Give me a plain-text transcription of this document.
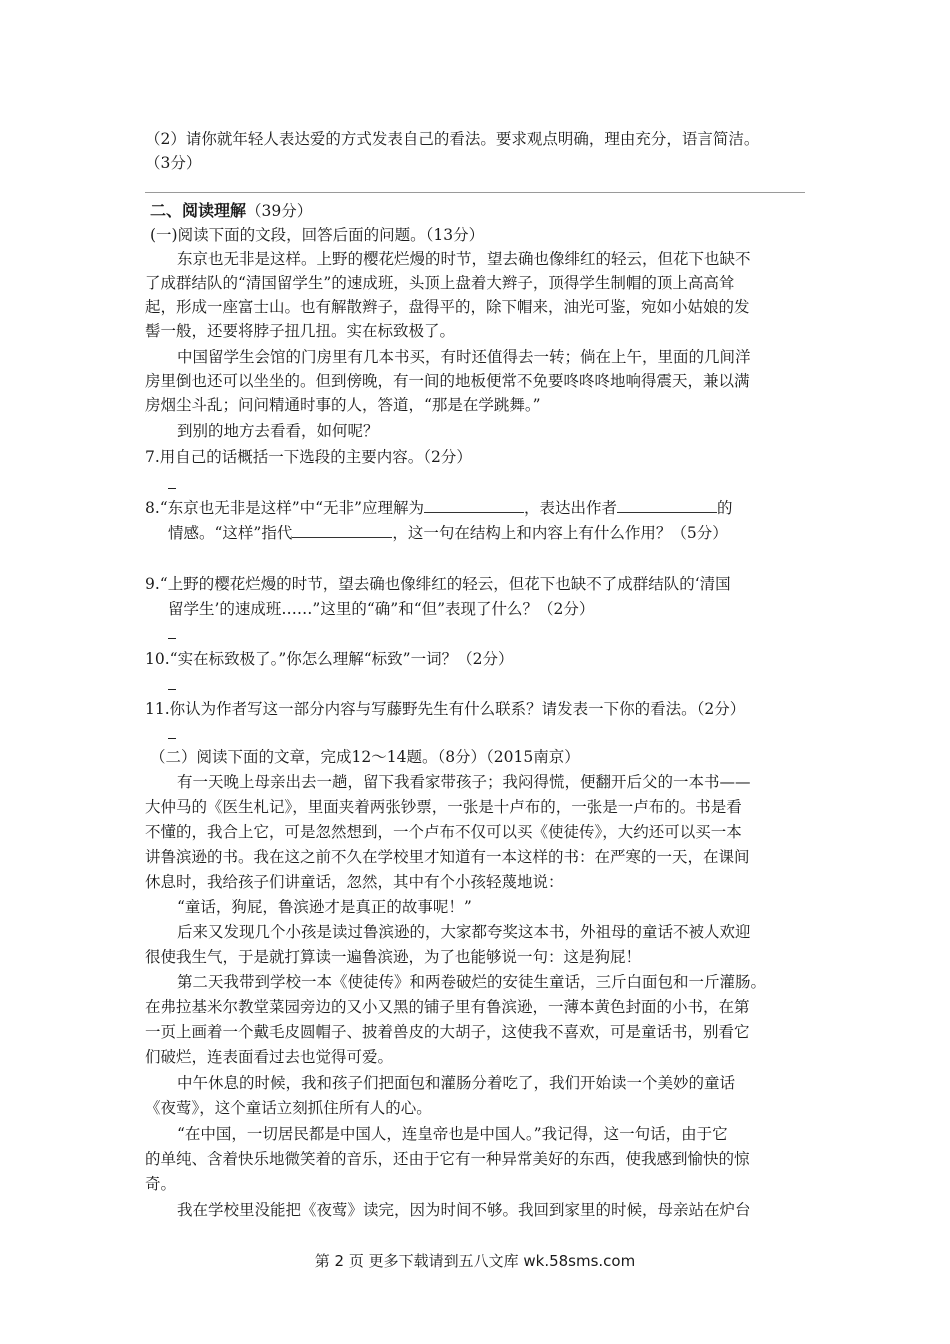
（2）请你就年轻人表达爱的方式发表自己的看法。要求观点明确，理由充分，语言简洁。
（3分）
二、阅读理解（39分）
(一)阅读下面的文段，回答后面的问题。（13分）
东京也无非是这样。上野的樱花烂熳的时节，望去确也像绯红的轻云，但花下也缺不
了成群结队的“清国留学生”的速成班，头顶上盘着大辫子，顶得学生制帽的顶上高高耸
起，形成一座富士山。也有解散辫子，盘得平的，除下帽来，油光可鉴，宛如小姑娘的发
髻一般，还要将脖子扭几扭。实在标致极了。
中国留学生会馆的门房里有几本书买，有时还值得去一转；倘在上午，里面的几间洋
房里倒也还可以坐坐的。但到傍晚，有一间的地板便常不免要咚咚咚地响得震天，兼以满
房烟尘斗乱；问问精通时事的人，答道，“那是在学跳舞。”
到别的地方去看看，如何呢？
7.用自己的话概括一下选段的主要内容。（2分）
8.“东京也无非是这样”中“无非”应理解为	，表达出作者	的
情感。“这样”指代	，这一句在结构上和内容上有什么作用？（5分）
9.“上野的樱花烂熳的时节，望去确也像绯红的轻云，但花下也缺不了成群结队的‘清国
留学生’的速成班……”这里的“确”和“但”表现了什么？（2分）
10.“实在标致极了。”你怎么理解“标致”一词？（2分）
11.你认为作者写这一部分内容与写藤野先生有什么联系？请发表一下你的看法。（2分）
（二）阅读下面的文章，完成12～14题。（8分）（2015南京）
有一天晚上母亲出去一趟，留下我看家带孩子；我闷得慌，便翻开后父的一本书——
大仲马的《医生札记》，里面夹着两张钞票，一张是十卢布的，一张是一卢布的。书是看
不懂的，我合上它，可是忽然想到，一个卢布不仅可以买《使徒传》，大约还可以买一本
讲鲁滨逊的书。我在这之前不久在学校里才知道有一本这样的书：在严寒的一天，在课间
休息时，我给孩子们讲童话，忽然，其中有个小孩轻蔑地说：
“童话，狗屁，鲁滨逊才是真正的故事呢！”
后来又发现几个小孩是读过鲁滨逊的，大家都夸奖这本书，外祖母的童话不被人欢迎
很使我生气，于是就打算读一遍鲁滨逊，为了也能够说一句：这是狗屁！
第二天我带到学校一本《使徒传》和两卷破烂的安徒生童话，三斤白面包和一斤灌肠。
在弗拉基米尔教堂菜园旁边的又小又黑的铺子里有鲁滨逊，一薄本黄色封面的小书，在第
一页上画着一个戴毛皮圆帽子、披着兽皮的大胡子，这使我不喜欢，可是童话书，别看它
们破烂，连表面看过去也觉得可爱。
中午休息的时候，我和孩子们把面包和灌肠分着吃了，我们开始读一个美妙的童话
《夜莺》，这个童话立刻抓住所有人的心。
“在中国，一切居民都是中国人，连皇帝也是中国人。”我记得，这一句话，由于它
的单纯、含着快乐地微笑着的音乐，还由于它有一种异常美好的东西，使我感到愉快的惊
奇。
我在学校里没能把《夜莺》读完，因为时间不够。我回到家里的时候，母亲站在炉台
第 2 页 更多下载请到五八文库 wk.58sms.com
